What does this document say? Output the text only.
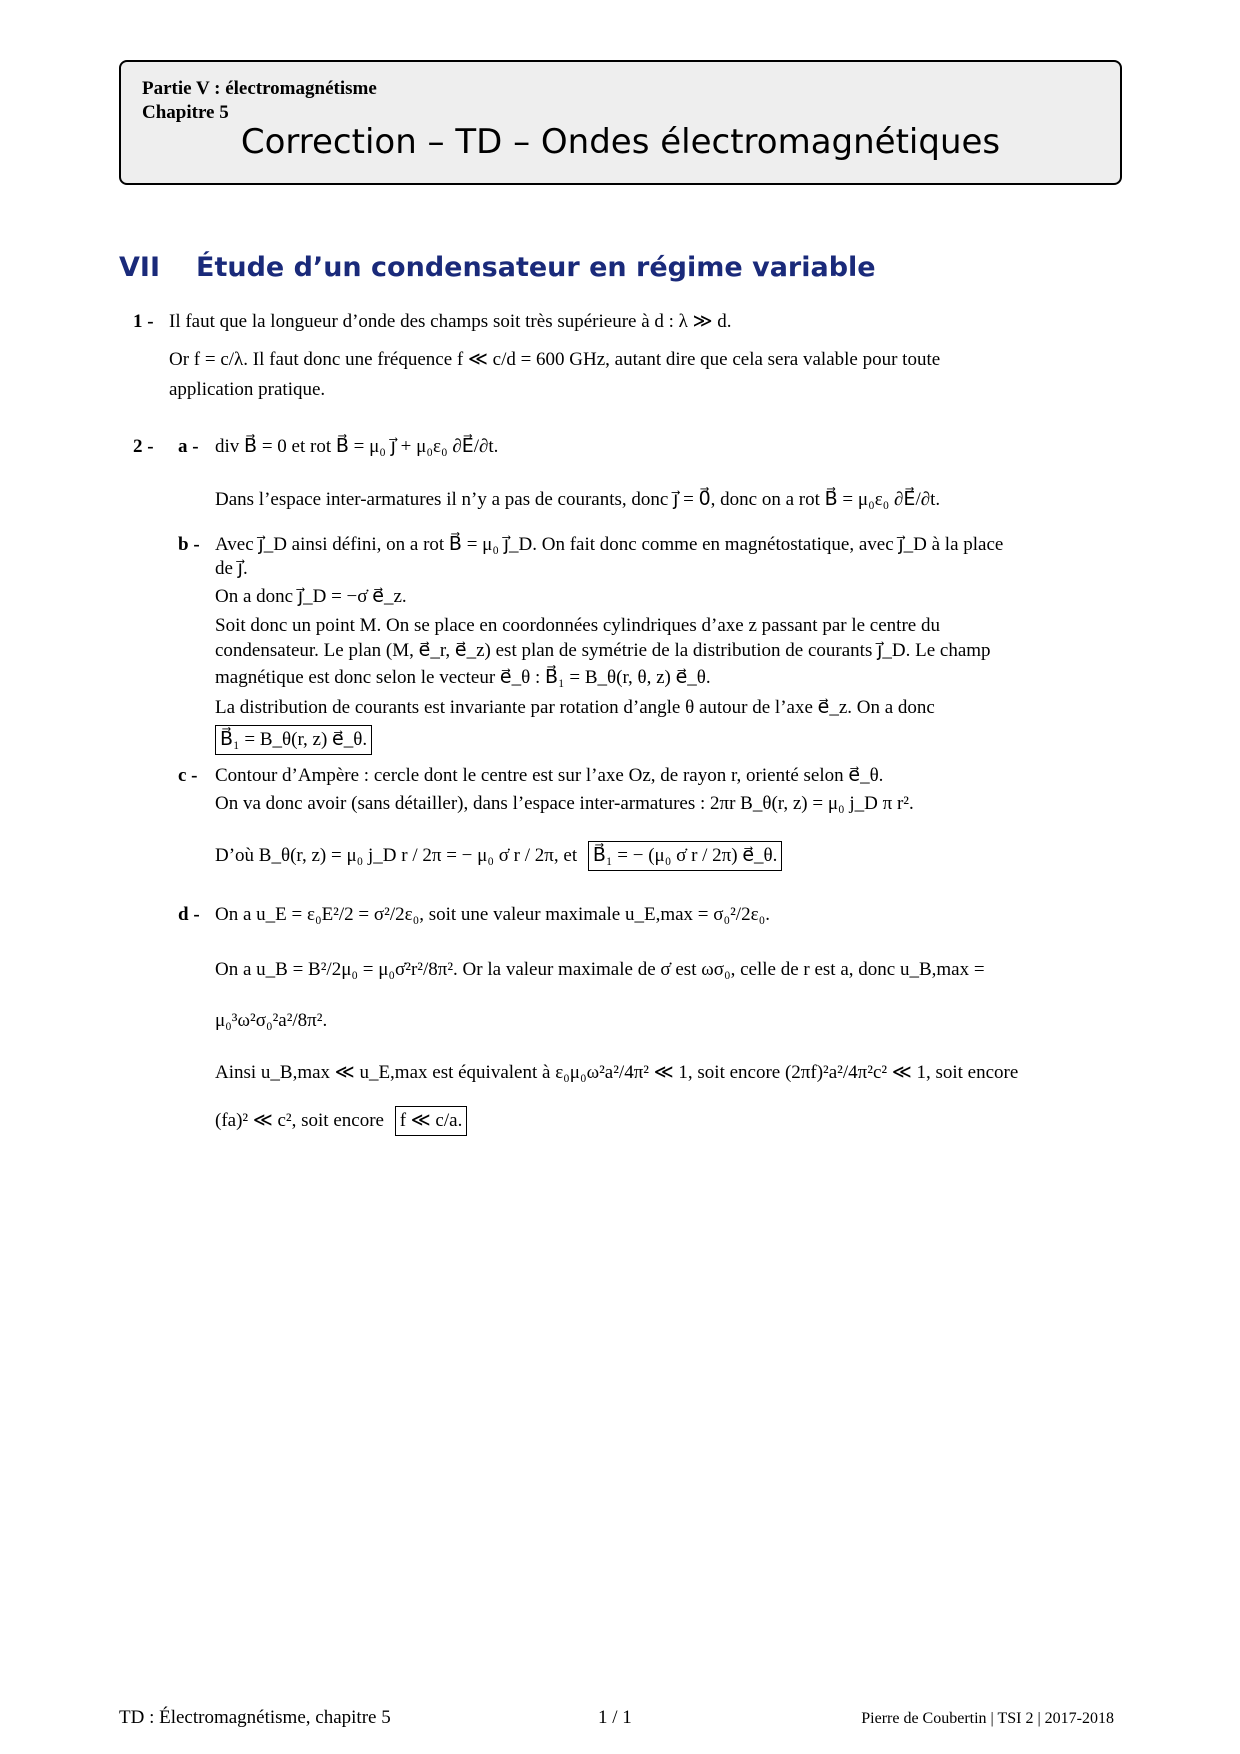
Partie V : électromagnétisme
Chapitre 5
Correction – TD – Ondes électromagnétiques
VII Étude d’un condensateur en régime variable
1 - Il faut que la longueur d’onde des champs soit très supérieure à d : λ ≫ d.
Or f = c/λ. Il faut donc une fréquence f ≪ c/d = 600 GHz, autant dire que cela sera valable pour toute
application pratique.
2 - a - div B⃗ = 0 et rot B⃗ = μ₀ j⃗ + μ₀ε₀ ∂E⃗/∂t.
Dans l’espace inter-armatures il n’y a pas de courants, donc j⃗ = 0⃗, donc on a rot B⃗ = μ₀ε₀ ∂E⃗/∂t.
b - Avec j⃗_D ainsi défini, on a rot B⃗ = μ₀ j⃗_D. On fait donc comme en magnétostatique, avec j⃗_D à la place
de j⃗.
On a donc j⃗_D = −σ̇ e⃗_z.
Soit donc un point M. On se place en coordonnées cylindriques d’axe z passant par le centre du
condensateur. Le plan (M, e⃗_r, e⃗_z) est plan de symétrie de la distribution de courants j⃗_D. Le champ
magnétique est donc selon le vecteur e⃗_θ : B⃗₁ = B_θ(r, θ, z) e⃗_θ.
La distribution de courants est invariante par rotation d’angle θ autour de l’axe e⃗_z. On a donc
B⃗₁ = B_θ(r, z) e⃗_θ.
c - Contour d’Ampère : cercle dont le centre est sur l’axe Oz, de rayon r, orienté selon e⃗_θ.
On va donc avoir (sans détailler), dans l’espace inter-armatures : 2πr B_θ(r, z) = μ₀ j_D π r².
D’où B_θ(r, z) = μ₀ j_D r / 2π = − μ₀ σ̇ r / 2π, et B⃗₁ = − (μ₀ σ̇ r / 2π) e⃗_θ.
d - On a u_E = ε₀E²/2 = σ²/2ε₀, soit une valeur maximale u_E,max = σ₀²/2ε₀.
On a u_B = B²/2μ₀ = μ₀σ̇²r²/8π². Or la valeur maximale de σ̇ est ωσ₀, celle de r est a, donc u_B,max =
μ₀³ω²σ₀²a²/8π².
Ainsi u_B,max ≪ u_E,max est équivalent à ε₀μ₀ω²a²/4π² ≪ 1, soit encore (2πf)²a²/4π²c² ≪ 1, soit encore
(fa)² ≪ c², soit encore f ≪ c/a.
TD : Électromagnétisme, chapitre 5	1 / 1	Pierre de Coubertin | TSI 2 | 2017-2018
